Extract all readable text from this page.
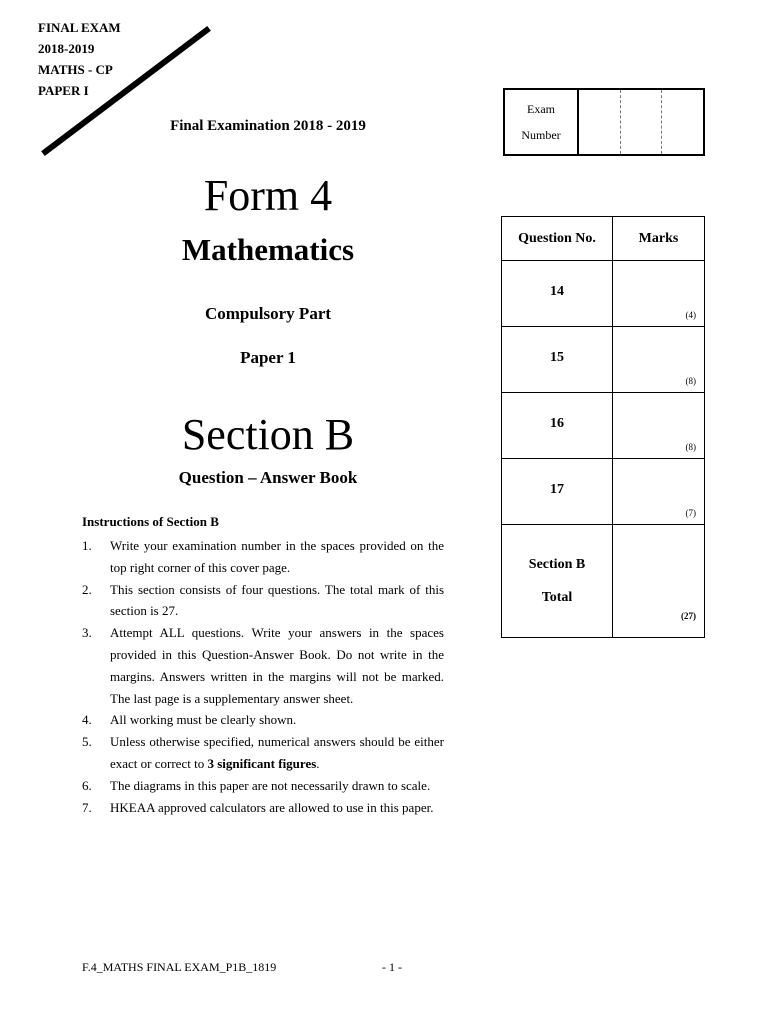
FINAL EXAM
2018-2019
MATHS - CP
PAPER I
Final Examination 2018 - 2019
Form 4
Mathematics
Compulsory Part
Paper 1
Section B
Question – Answer Book
Exam
Number
Question No.	Marks
14	(4)

15	(8)

16	(8)

17	(7)

Section B
Total	(27)
Instructions of Section B
1.	Write your examination number in the spaces provided on the top right corner of this cover page.
2.	This section consists of four questions. The total mark of this section is 27.
3.	Attempt ALL questions. Write your answers in the spaces provided in this Question-Answer Book. Do not write in the margins. Answers written in the margins will not be marked. The last page is a supplementary answer sheet.
4.	All working must be clearly shown.
5.	Unless otherwise specified, numerical answers should be either exact or correct to 3 significant figures.
6.	The diagrams in this paper are not necessarily drawn to scale.
7.	HKEAA approved calculators are allowed to use in this paper.
F.4_MATHS FINAL EXAM_P1B_1819	- 1 -
